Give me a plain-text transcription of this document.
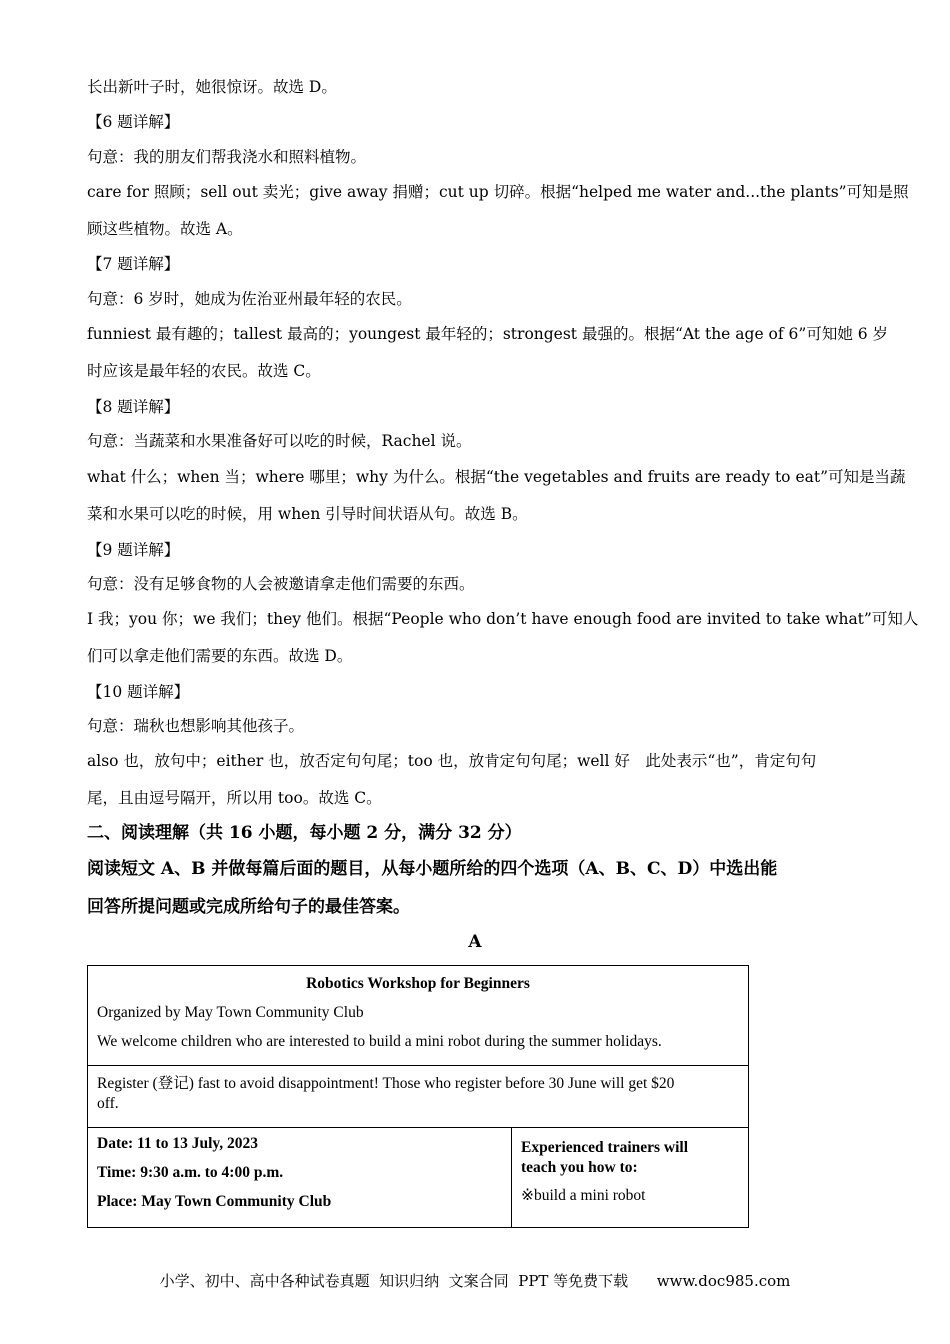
长出新叶子时，她很惊讶。故选 D。
【6 题详解】
句意：我的朋友们帮我浇水和照料植物。
care for 照顾；sell out 卖光；give away 捐赠；cut up 切碎。根据“helped me water and...the plants”可知是照
顾这些植物。故选 A。
【7 题详解】
句意：6 岁时，她成为佐治亚州最年轻的农民。
funniest 最有趣的；tallest 最高的；youngest 最年轻的；strongest 最强的。根据“At the age of 6”可知她 6 岁
时应该是最年轻的农民。故选 C。
【8 题详解】
句意：当蔬菜和水果准备好可以吃的时候，Rachel 说。
what 什么；when 当；where 哪里；why 为什么。根据“the vegetables and fruits are ready to eat”可知是当蔬
菜和水果可以吃的时候，用 when 引导时间状语从句。故选 B。
【9 题详解】
句意：没有足够食物的人会被邀请拿走他们需要的东西。
I 我；you 你；we 我们；they 他们。根据“People who don’t have enough food are invited to take what”可知人
们可以拿走他们需要的东西。故选 D。
【10 题详解】
句意：瑞秋也想影响其他孩子。
also 也，放句中；either 也，放否定句句尾；too 也，放肯定句句尾；well 好　此处表示“也”，肯定句句
尾，且由逗号隔开，所以用 too。故选 C。
二、阅读理解（共 16 小题，每小题 2 分，满分 32 分）
阅读短文 A、B 并做每篇后面的题目，从每小题所给的四个选项（A、B、C、D）中选出能
回答所提问题或完成所给句子的最佳答案。
A
Robotics Workshop for Beginners
Organized by May Town Community Club
We welcome children who are interested to build a mini robot during the summer holidays.

Register (登记) fast to avoid disappointment! Those who register before 30 June will get $20
off.

Date: 11 to 13 July, 2023
Time: 9:30 a.m. to 4:00 p.m.
Place: May Town Community Club

Experienced trainers will
teach you how to:
※build a mini robot
小学、初中、高中各种试卷真题  知识归纳  文案合同  PPT 等免费下载      www.doc985.com
